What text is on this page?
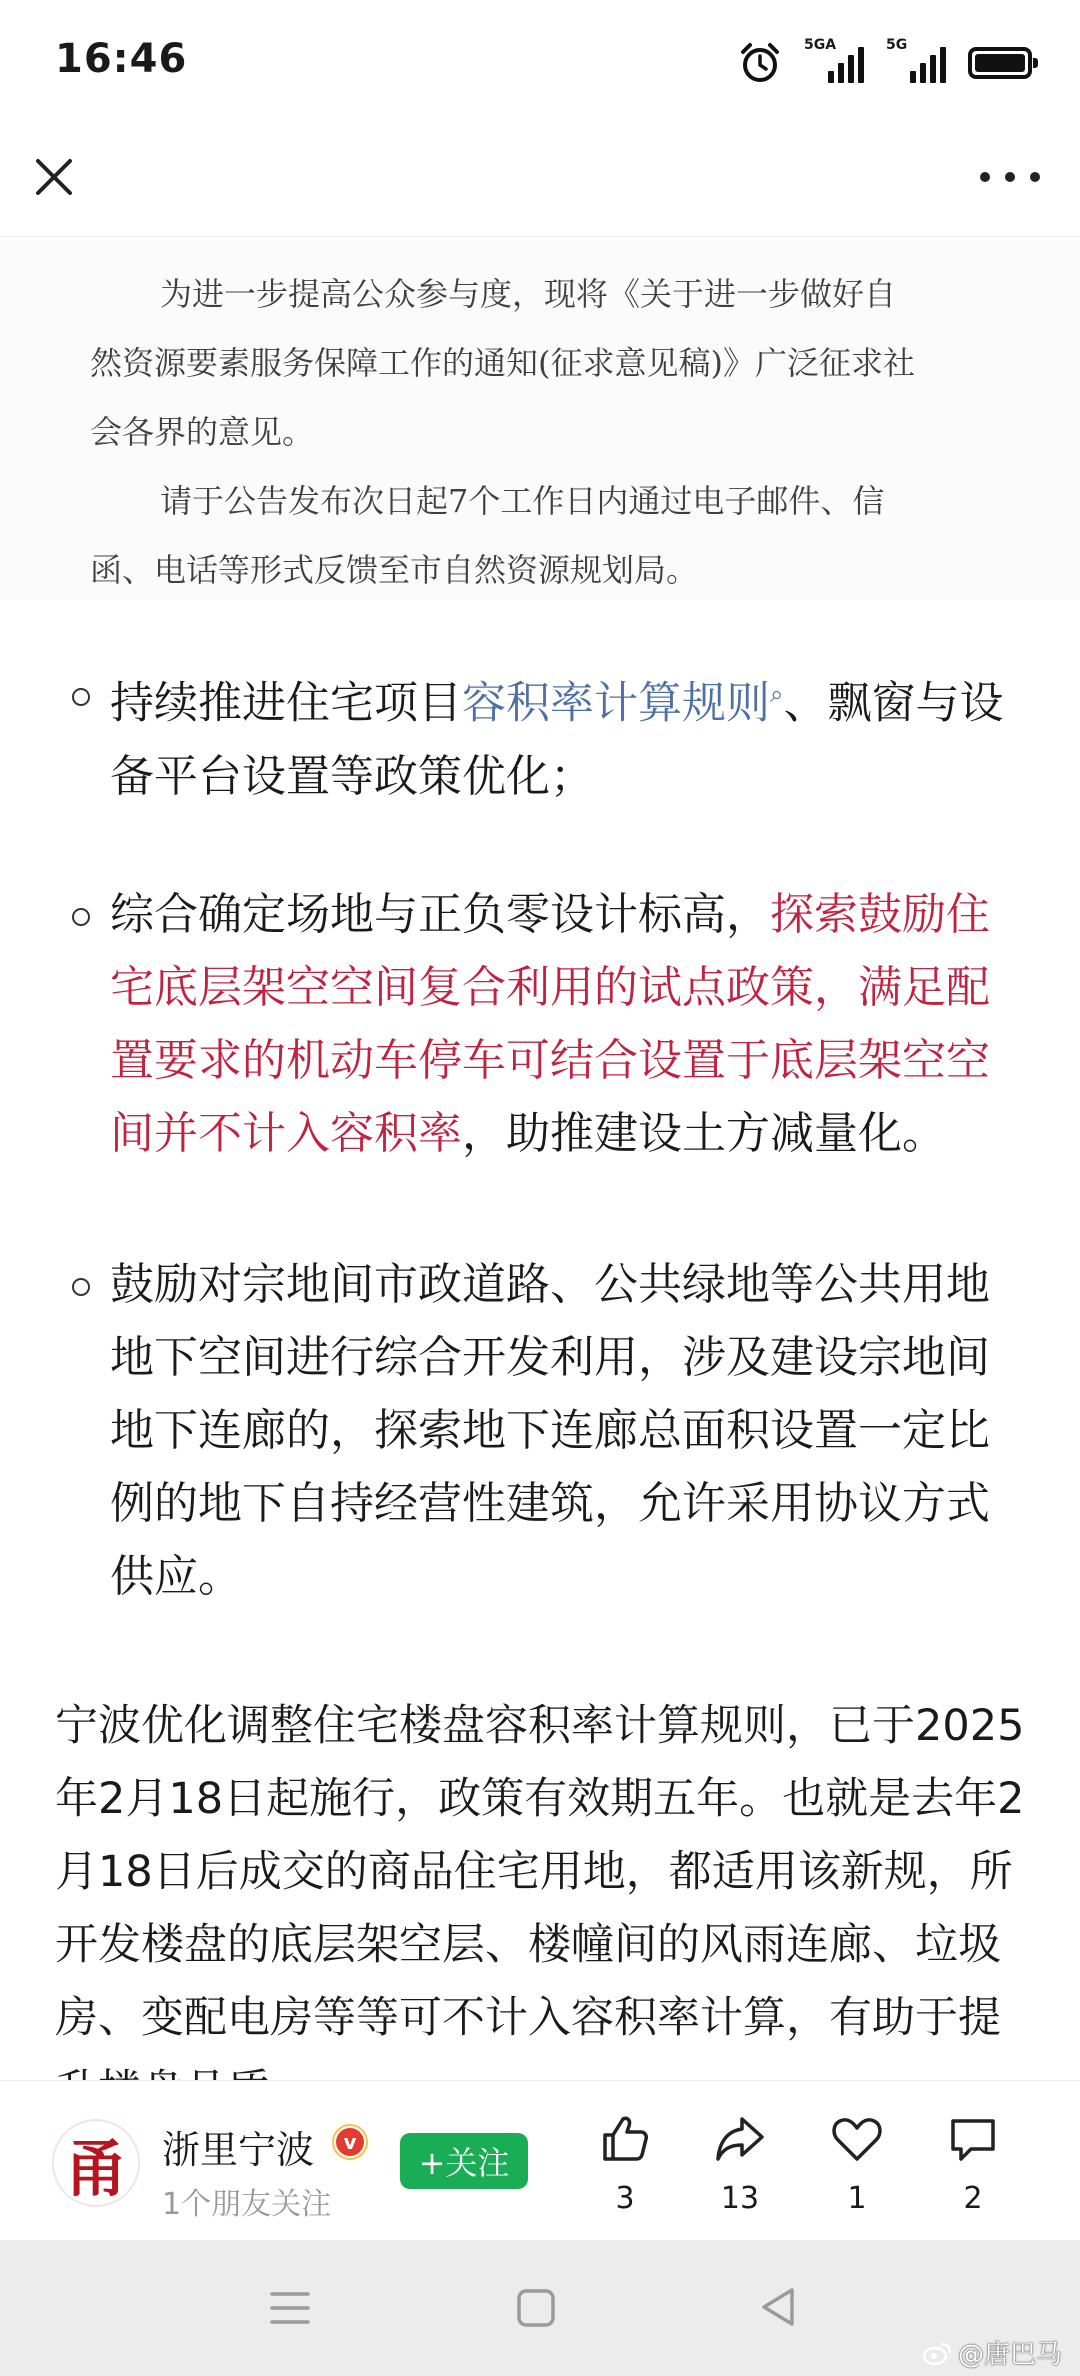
16:46	5GA	5G

为进一步提高公众参与度，现将《关于进一步做好自

然资源要素服务保障工作的通知(征求意见稿)》广泛征求社

会各界的意见。

请于公告发布次日起7个工作日内通过电子邮件、信

函、电话等形式反馈至市自然资源规划局。

持续推进住宅项目容积率计算规则⌕、飘窗与设备平台设置等政策优化；
综合确定场地与正负零设计标高，探索鼓励住宅底层架空空间复合利用的试点政策，满足配置要求的机动车停车可结合设置于底层架空空间并不计入容积率，助推建设土方减量化。
鼓励对宗地间市政道路、公共绿地等公共用地地下空间进行综合开发利用，涉及建设宗地间地下连廊的，探索地下连廊总面积设置一定比例的地下自持经营性建筑，允许采用协议方式供应。
宁波优化调整住宅楼盘容积率计算规则，已于2025年2月18日起施行，政策有效期五年。也就是去年2月18日后成交的商品住宅用地，都适用该新规，所开发楼盘的底层架空层、楼幢间的风雨连廊、垃圾房、变配电房等等可不计入容积率计算，有助于提
甬 浙里宁波	v
1个朋友关注
+关注
3	13	1	2
@唐巴马
